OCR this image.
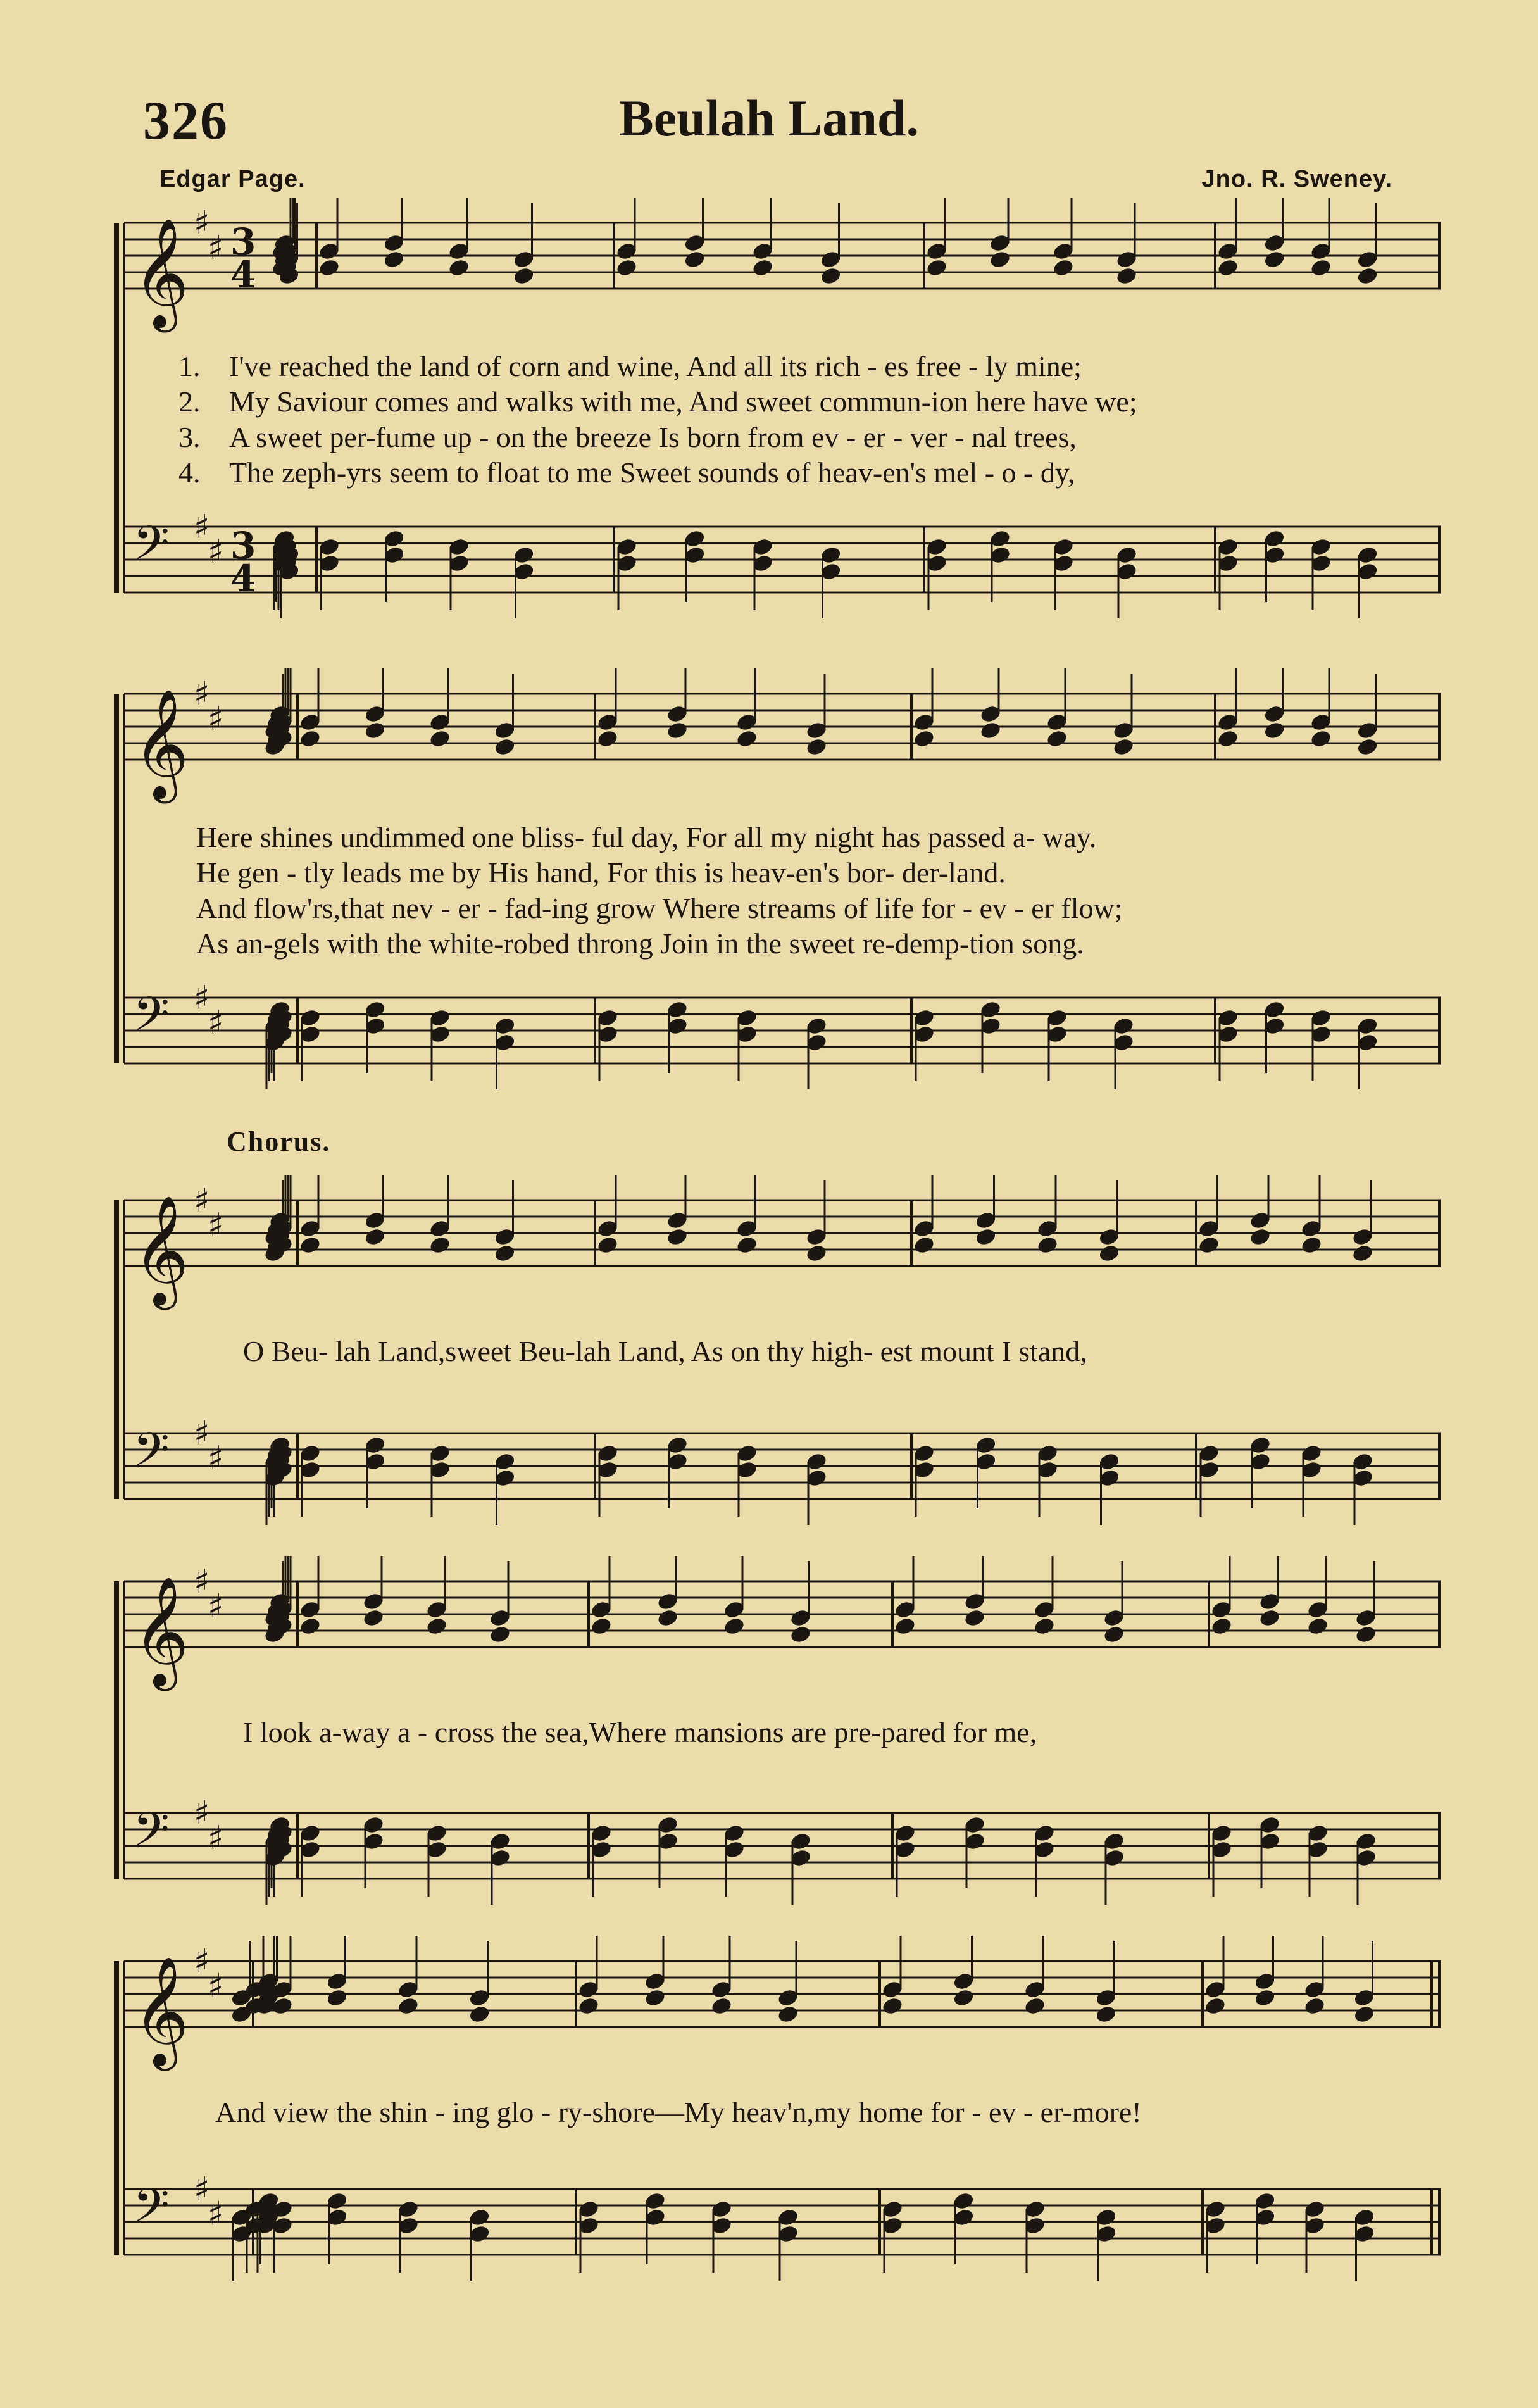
326	Beulah Land.
Edgar Page.	Jno. R. Sweney.
𝄞 ♯
♯ 3
4
𝄢 ♯
♯ 3
4
𝄞 ♯
♯
𝄢 ♯
♯
𝄞 ♯
♯
𝄢 ♯
♯
𝄞 ♯
♯
𝄢 ♯
♯
𝄞 ♯
♯
𝄢 ♯
♯
1. I've reached the land of corn and wine, And all its rich - es free - ly mine;
2. My Saviour comes and walks with me, And sweet commun-ion here have we;
3. A sweet per-fume up - on the breeze Is born from ev - er - ver - nal trees,
4. The zeph-yrs seem to float to me Sweet sounds of heav-en's mel - o - dy,
Here shines undimmed one bliss- ful day, For all my night has passed a- way.
He gen - tly leads me by His hand, For this is heav-en's bor- der-land.
And flow'rs,that nev - er - fad-ing grow Where streams of life for - ev - er flow;
As an-gels with the white-robed throng Join in the sweet re-demp-tion song.
Chorus.
O Beu- lah Land,sweet Beu-lah Land, As on thy high- est mount I stand,
I look a-way a - cross the sea,Where mansions are pre-pared for me,
And view the shin - ing glo - ry-shore—My heav'n,my home for - ev - er-more!
